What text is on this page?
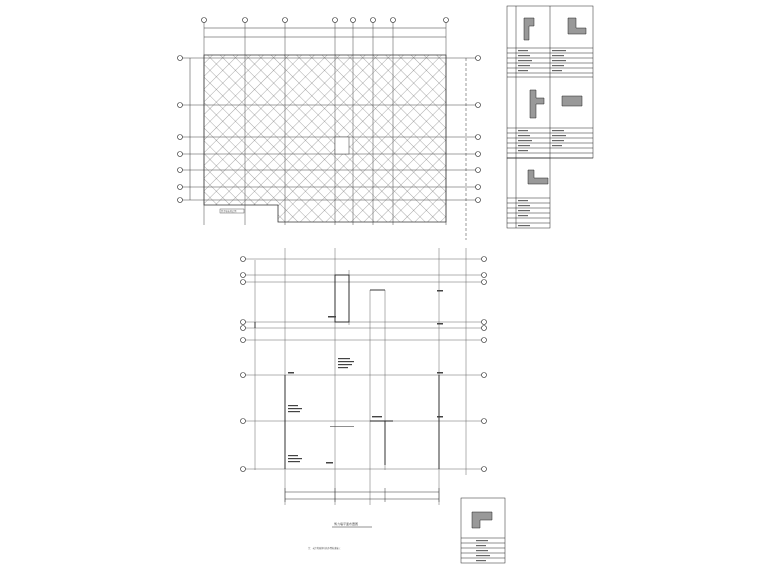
剪力墙布置范围
剪力墙平面布置图
注：未注明墙体均按本图标准施工
